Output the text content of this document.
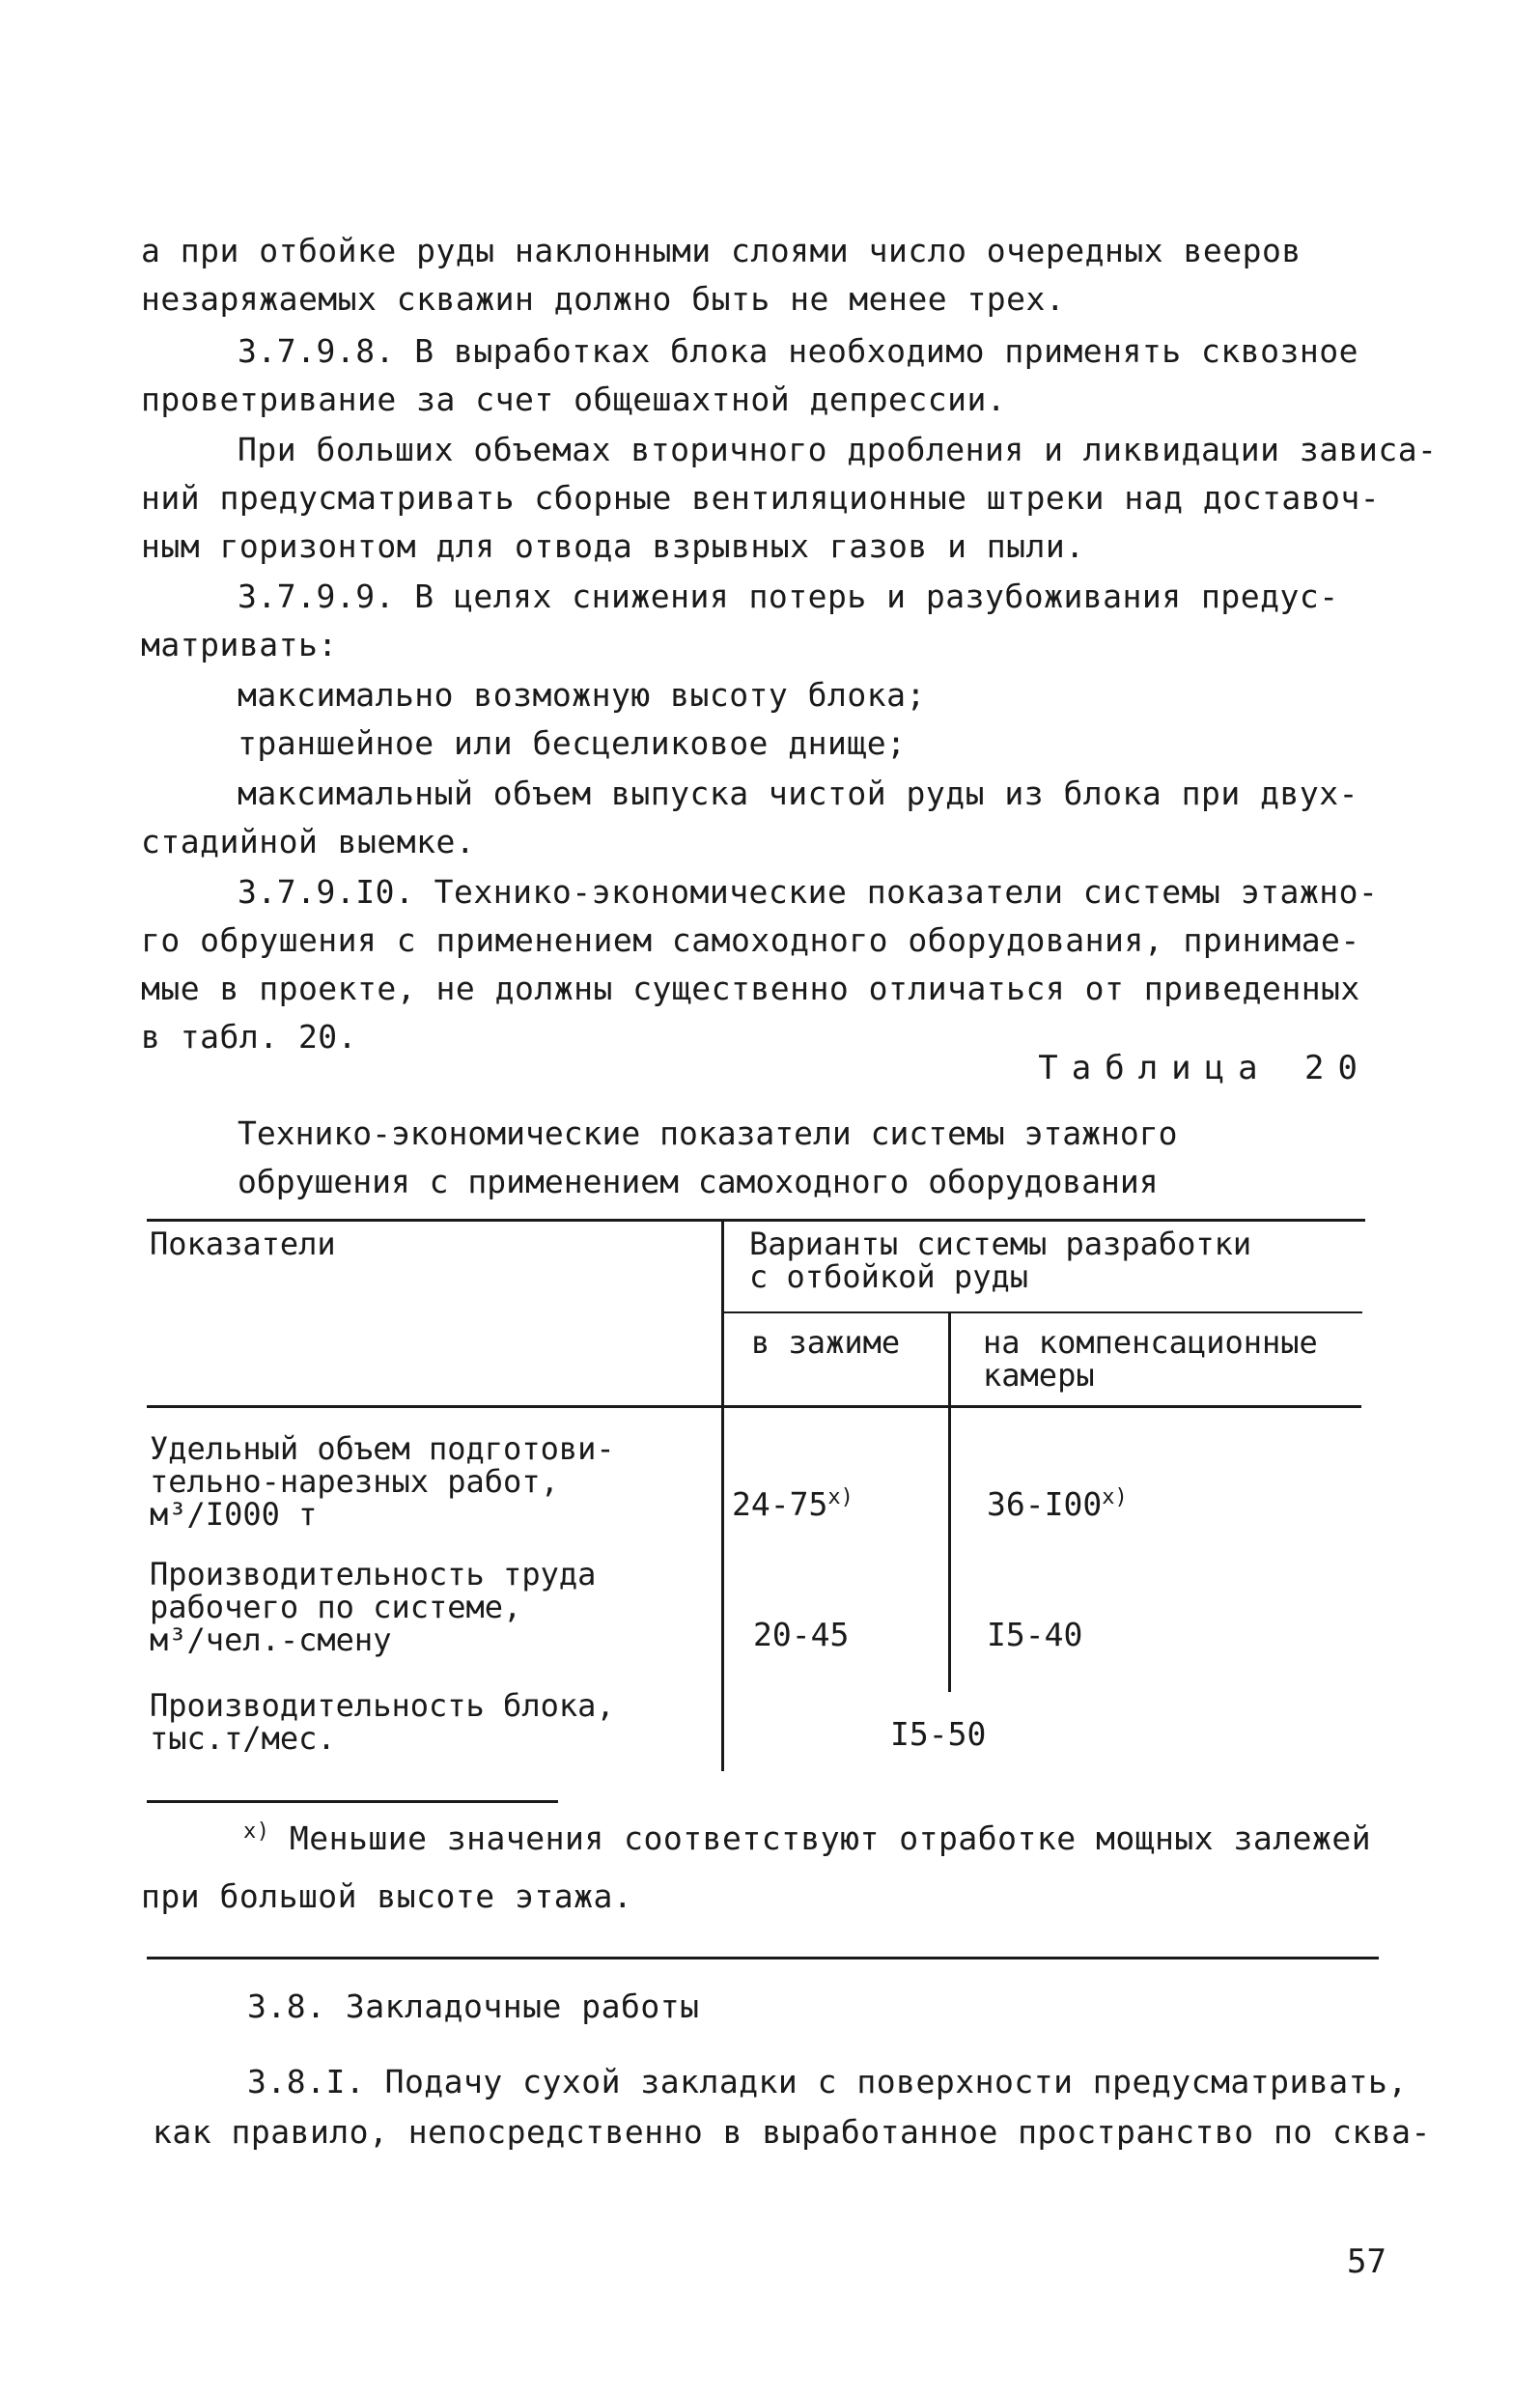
а при отбойке руды наклонными слоями число очередных вееров
незаряжаемых скважин должно быть не менее трех.
3.7.9.8. В выработках блока необходимо применять сквозное
проветривание за счет общешахтной депрессии.
При больших объемах вторичного дробления и ликвидации зависа-
ний предусматривать сборные вентиляционные штреки над доставоч-
ным горизонтом для отвода взрывных газов и пыли.
3.7.9.9. В целях снижения потерь и разубоживания предус-
матривать:
максимально возможную высоту блока;
траншейное или бесцеликовое днище;
максимальный объем выпуска чистой руды из блока при двух-
стадийной выемке.
3.7.9.I0. Технико-экономические показатели системы этажно-
го обрушения с применением самоходного оборудования, принимае-
мые в проекте, не должны существенно отличаться от приведенных
в табл. 20.
Таблица 20
Технико-экономические показатели системы этажного
обрушения с применением самоходного оборудования
Показатели	Варианты системы разработки
с отбойкой руды
в зажиме	на компенсационные
камеры
Удельный объем подготови-
тельно-нарезных работ,
м³/I000 т	$24-75^{х)}$	$36-I00^{х)}$
Производительность труда
рабочего по системе,
м³/чел.-смену	20-45	I5-40
Производительность блока,
тыс.т/мес.	I5-50
$^{х)}$ Меньшие значения соответствуют отработке мощных залежей
при большой высоте этажа.
3.8. Закладочные работы
3.8.I. Подачу сухой закладки с поверхности предусматривать,
как правило, непосредственно в выработанное пространство по сква-
57
